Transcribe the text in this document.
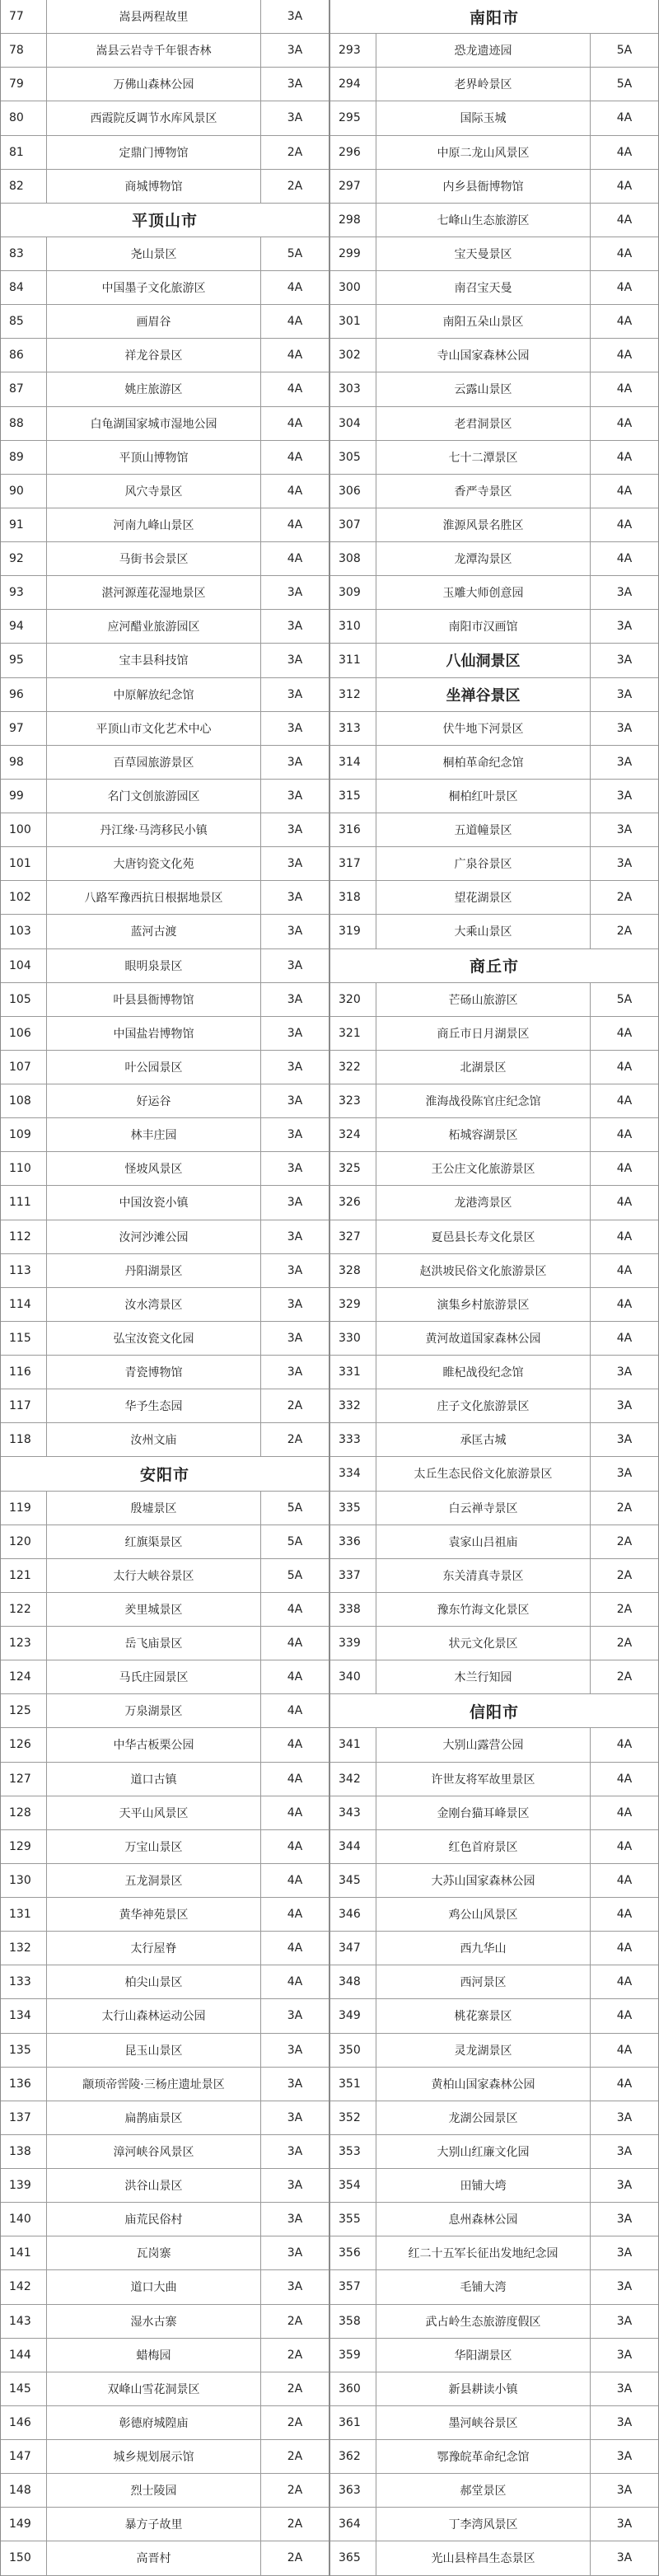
77	嵩县两程故里	3A
78	嵩县云岩寺千年银杏林	3A
79	万佛山森林公园	3A
80	西霞院反调节水库风景区	3A
81	定鼎门博物馆	2A
82	商城博物馆	2A
平顶山市
83	尧山景区	5A
84	中国墨子文化旅游区	4A
85	画眉谷	4A
86	祥龙谷景区	4A
87	姚庄旅游区	4A
88	白龟湖国家城市湿地公园	4A
89	平顶山博物馆	4A
90	风穴寺景区	4A
91	河南九峰山景区	4A
92	马街书会景区	4A
93	湛河源莲花湿地景区	3A
94	应河醋业旅游园区	3A
95	宝丰县科技馆	3A
96	中原解放纪念馆	3A
97	平顶山市文化艺术中心	3A
98	百草园旅游景区	3A
99	名门文创旅游园区	3A
100	丹江缘·马湾移民小镇	3A
101	大唐钧瓷文化苑	3A
102	八路军豫西抗日根据地景区	3A
103	蓝河古渡	3A
104	眼明泉景区	3A
105	叶县县衙博物馆	3A
106	中国盐岩博物馆	3A
107	叶公园景区	3A
108	好运谷	3A
109	林丰庄园	3A
110	怪坡风景区	3A
111	中国汝瓷小镇	3A
112	汝河沙滩公园	3A
113	丹阳湖景区	3A
114	汝水湾景区	3A
115	弘宝汝瓷文化园	3A
116	青瓷博物馆	3A
117	华予生态园	2A
118	汝州文庙	2A
安阳市
119	殷墟景区	5A
120	红旗渠景区	5A
121	太行大峡谷景区	5A
122	羑里城景区	4A
123	岳飞庙景区	4A
124	马氏庄园景区	4A
125	万泉湖景区	4A
126	中华古板栗公园	4A
127	道口古镇	4A
128	天平山风景区	4A
129	万宝山景区	4A
130	五龙洞景区	4A
131	黄华神苑景区	4A
132	太行屋脊	4A
133	柏尖山景区	4A
134	太行山森林运动公园	3A
135	昆玉山景区	3A
136	颛顼帝喾陵·三杨庄遗址景区	3A
137	扁鹊庙景区	3A
138	漳河峡谷风景区	3A
139	洪谷山景区	3A
140	庙荒民俗村	3A
141	瓦岗寨	3A
142	道口大曲	3A
143	湿水古寨	2A
144	蜡梅园	2A
145	双峰山雪花洞景区	2A
146	彰德府城隍庙	2A
147	城乡规划展示馆	2A
148	烈士陵园	2A
149	暴方子故里	2A
150	高晋村	2A
南阳市
293	恐龙遗迹园	5A
294	老界岭景区	5A
295	国际玉城	4A
296	中原二龙山风景区	4A
297	内乡县衙博物馆	4A
298	七峰山生态旅游区	4A
299	宝天曼景区	4A
300	南召宝天曼	4A
301	南阳五朵山景区	4A
302	寺山国家森林公园	4A
303	云露山景区	4A
304	老君洞景区	4A
305	七十二潭景区	4A
306	香严寺景区	4A
307	淮源风景名胜区	4A
308	龙潭沟景区	4A
309	玉雕大师创意园	3A
310	南阳市汉画馆	3A
311	八仙洞景区	3A
312	坐禅谷景区	3A
313	伏牛地下河景区	3A
314	桐柏革命纪念馆	3A
315	桐柏红叶景区	3A
316	五道幢景区	3A
317	广泉谷景区	3A
318	望花湖景区	2A
319	大乘山景区	2A
商丘市
320	芒砀山旅游区	5A
321	商丘市日月湖景区	4A
322	北湖景区	4A
323	淮海战役陈官庄纪念馆	4A
324	柘城容湖景区	4A
325	王公庄文化旅游景区	4A
326	龙港湾景区	4A
327	夏邑县长寿文化景区	4A
328	赵洪坡民俗文化旅游景区	4A
329	演集乡村旅游景区	4A
330	黄河故道国家森林公园	4A
331	睢杞战役纪念馆	3A
332	庄子文化旅游景区	3A
333	承匡古城	3A
334	太丘生态民俗文化旅游景区	3A
335	白云禅寺景区	2A
336	袁家山吕祖庙	2A
337	东关清真寺景区	2A
338	豫东竹海文化景区	2A
339	状元文化景区	2A
340	木兰行知园	2A
信阳市
341	大别山露营公园	4A
342	许世友将军故里景区	4A
343	金刚台猫耳峰景区	4A
344	红色首府景区	4A
345	大苏山国家森林公园	4A
346	鸡公山风景区	4A
347	西九华山	4A
348	西河景区	4A
349	桃花寨景区	4A
350	灵龙湖景区	4A
351	黄柏山国家森林公园	4A
352	龙湖公园景区	3A
353	大别山红廉文化园	3A
354	田铺大塆	3A
355	息州森林公园	3A
356	红二十五军长征出发地纪念园	3A
357	毛铺大湾	3A
358	武占岭生态旅游度假区	3A
359	华阳湖景区	3A
360	新县耕读小镇	3A
361	墨河峡谷景区	3A
362	鄂豫皖革命纪念馆	3A
363	郝堂景区	3A
364	丁李湾风景区	3A
365	光山县梓昌生态景区	3A
